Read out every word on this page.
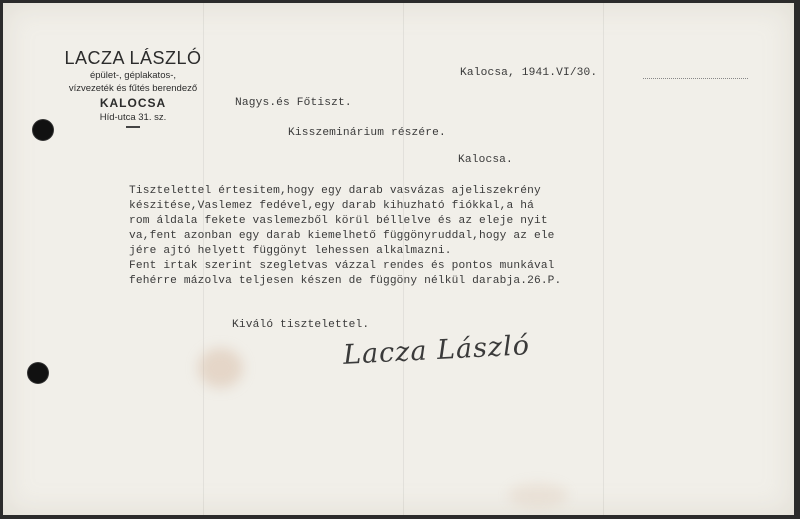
LACZA LÁSZLÓ
épület-, géplakatos-,
vízvezeték és fűtés berendező
KALOCSA
Híd-utca 31. sz.
Kalocsa, 1941.VI/30.
Nagys.és Főtiszt.
Kisszeminárium részére.
Kalocsa.
Tisztelettel értesitem,hogy egy darab vasvázas ajeliszekrény
készitése,Vaslemez fedével,egy darab kihuzható fiókkal,a há
rom áldala fekete vaslemezből körül béllelve és az eleje nyit
va,fent azonban egy darab kiemelhető függönyruddal,hogy az ele
jére ajtó helyett függönyt lehessen alkalmazni.
Fent irtak szerint szegletvas vázzal rendes és pontos munkával
fehérre mázolva teljesen készen de függöny nélkül darabja.26.P.
Kiváló tisztelettel.
Lacza László
